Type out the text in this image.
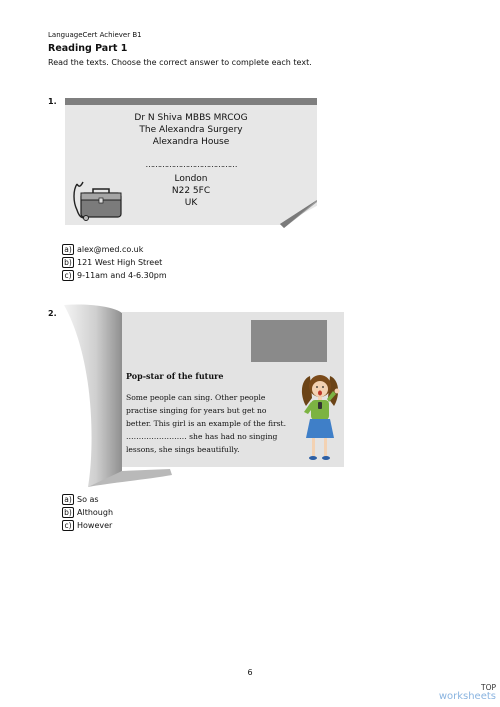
LanguageCert Achiever B1
Reading Part 1
Read the texts. Choose the correct answer to complete each text.
1.
Dr N Shiva MBBS MRCOG
The Alexandra Surgery
Alexandra House
…………………………………
London
N22 5FC
UK
a) alex@med.co.uk
b) 121 West High Street
c) 9-11am and 4-6.30pm
2.
Pop-star of the future
Some people can sing. Other people
practise singing for years but get no
better. This girl is an example of the first.
…………………… she has had no singing
lessons, she sings beautifully.
a) So as
b) Although
c) However
6
TOP
worksheets
